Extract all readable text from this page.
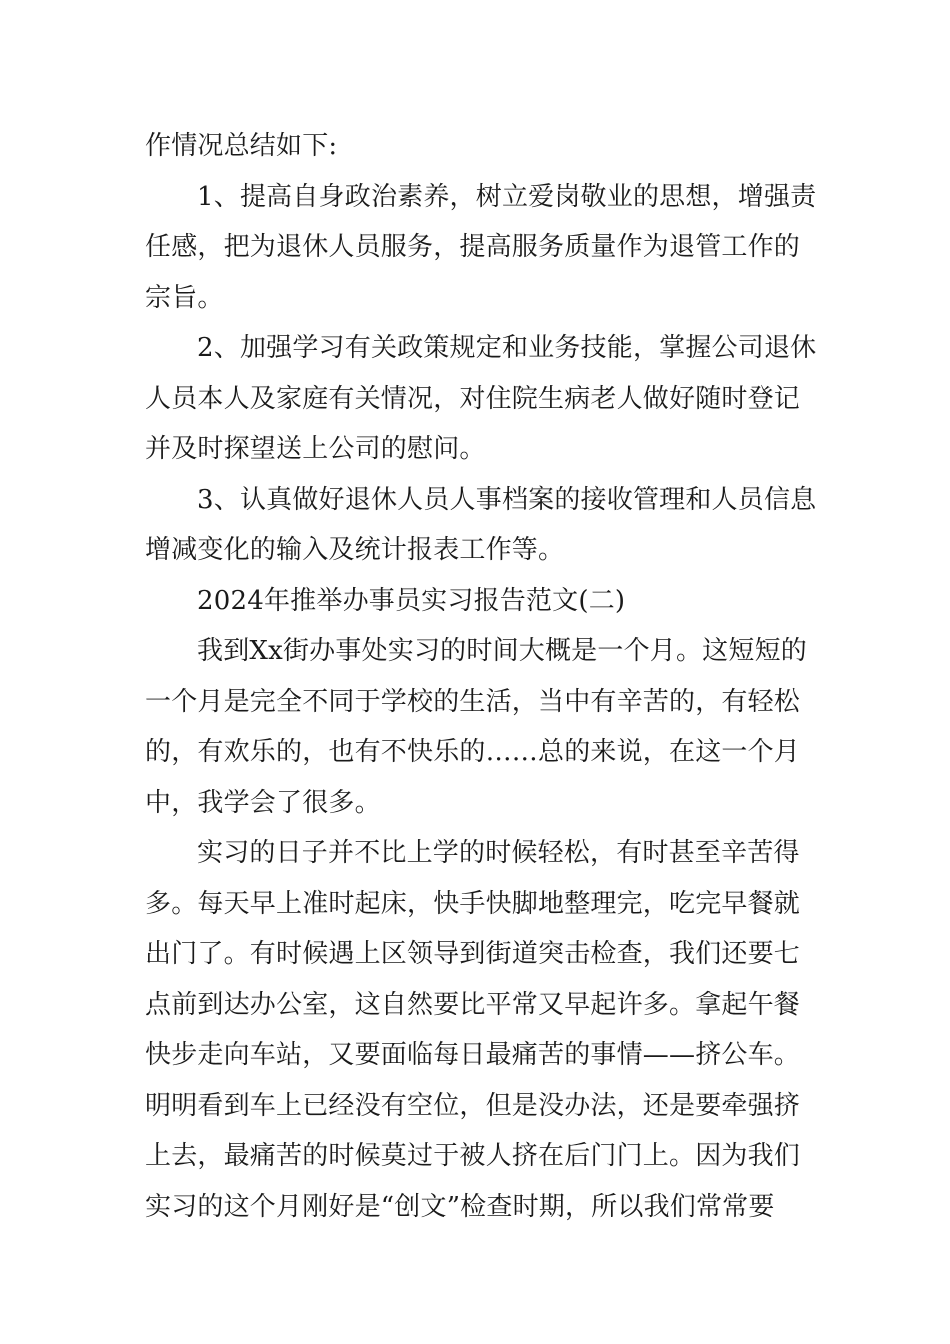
作情况总结如下:

1、提高自身政治素养，树立爱岗敬业的思想，增强责
任感，把为退休人员服务，提高服务质量作为退管工作的
宗旨。

2、加强学习有关政策规定和业务技能，掌握公司退休
人员本人及家庭有关情况，对住院生病老人做好随时登记
并及时探望送上公司的慰问。

3、认真做好退休人员人事档案的接收管理和人员信息
增减变化的输入及统计报表工作等。

2024年推举办事员实习报告范文(二)

我到Xx街办事处实习的时间大概是一个月。这短短的
一个月是完全不同于学校的生活，当中有辛苦的，有轻松
的，有欢乐的，也有不快乐的……总的来说，在这一个月
中，我学会了很多。

实习的日子并不比上学的时候轻松，有时甚至辛苦得
多。每天早上准时起床，快手快脚地整理完，吃完早餐就
出门了。有时候遇上区领导到街道突击检查，我们还要七
点前到达办公室，这自然要比平常又早起许多。拿起午餐
快步走向车站，又要面临每日最痛苦的事情——挤公车。
明明看到车上已经没有空位，但是没办法，还是要牵强挤
上去，最痛苦的时候莫过于被人挤在后门门上。因为我们
实习的这个月刚好是“创文”检查时期，所以我们常常要
